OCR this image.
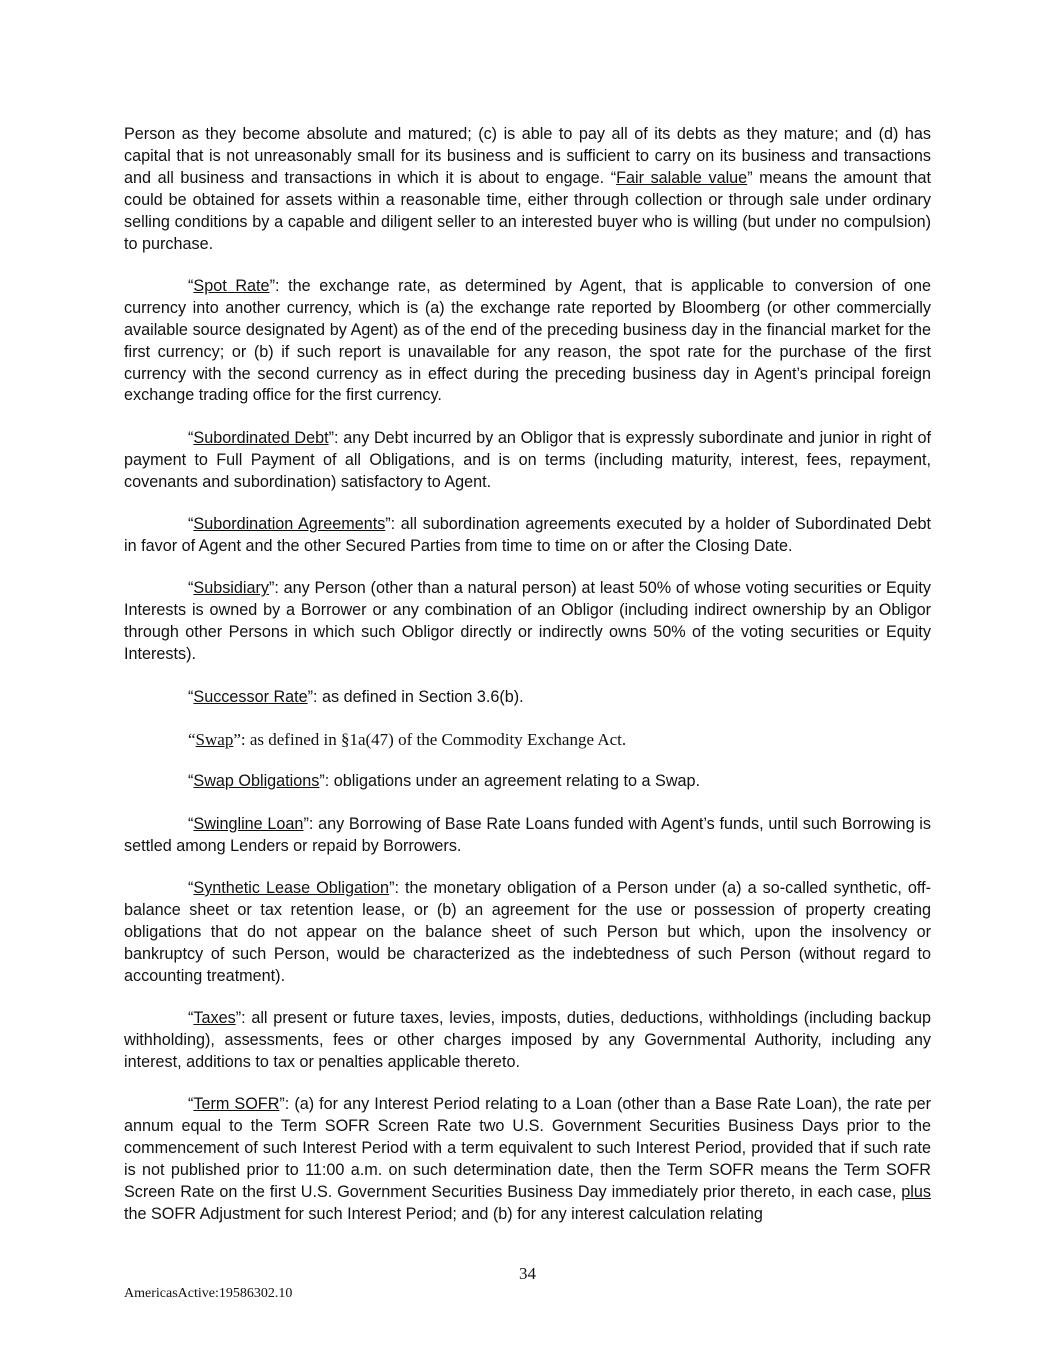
Person as they become absolute and matured; (c) is able to pay all of its debts as they mature; and (d) has capital that is not unreasonably small for its business and is sufficient to carry on its business and transactions and all business and transactions in which it is about to engage. “Fair salable value” means the amount that could be obtained for assets within a reasonable time, either through collection or through sale under ordinary selling conditions by a capable and diligent seller to an interested buyer who is willing (but under no compulsion) to purchase.

“Spot Rate”: the exchange rate, as determined by Agent, that is applicable to conversion of one currency into another currency, which is (a) the exchange rate reported by Bloomberg (or other commercially available source designated by Agent) as of the end of the preceding business day in the financial market for the first currency; or (b) if such report is unavailable for any reason, the spot rate for the purchase of the first currency with the second currency as in effect during the preceding business day in Agent’s principal foreign exchange trading office for the first currency.

“Subordinated Debt”: any Debt incurred by an Obligor that is expressly subordinate and junior in right of payment to Full Payment of all Obligations, and is on terms (including maturity, interest, fees, repayment, covenants and subordination) satisfactory to Agent.

“Subordination Agreements”: all subordination agreements executed by a holder of Subordinated Debt in favor of Agent and the other Secured Parties from time to time on or after the Closing Date.

“Subsidiary”: any Person (other than a natural person) at least 50% of whose voting securities or Equity Interests is owned by a Borrower or any combination of an Obligor (including indirect ownership by an Obligor through other Persons in which such Obligor directly or indirectly owns 50% of the voting securities or Equity Interests).

“Successor Rate”: as defined in Section 3.6(b).

“Swap”: as defined in §1a(47) of the Commodity Exchange Act.

“Swap Obligations”: obligations under an agreement relating to a Swap.

“Swingline Loan”: any Borrowing of Base Rate Loans funded with Agent’s funds, until such Borrowing is settled among Lenders or repaid by Borrowers.

“Synthetic Lease Obligation”: the monetary obligation of a Person under (a) a so-called synthetic, off-balance sheet or tax retention lease, or (b) an agreement for the use or possession of property creating obligations that do not appear on the balance sheet of such Person but which, upon the insolvency or bankruptcy of such Person, would be characterized as the indebtedness of such Person (without regard to accounting treatment).

“Taxes”: all present or future taxes, levies, imposts, duties, deductions, withholdings (including backup withholding), assessments, fees or other charges imposed by any Governmental Authority, including any interest, additions to tax or penalties applicable thereto.

“Term SOFR”: (a) for any Interest Period relating to a Loan (other than a Base Rate Loan), the rate per annum equal to the Term SOFR Screen Rate two U.S. Government Securities Business Days prior to the commencement of such Interest Period with a term equivalent to such Interest Period, provided that if such rate is not published prior to 11:00 a.m. on such determination date, then the Term SOFR means the Term SOFR Screen Rate on the first U.S. Government Securities Business Day immediately prior thereto, in each case, plus the SOFR Adjustment for such Interest Period; and (b) for any interest calculation relating

34
AmericasActive:19586302.10
